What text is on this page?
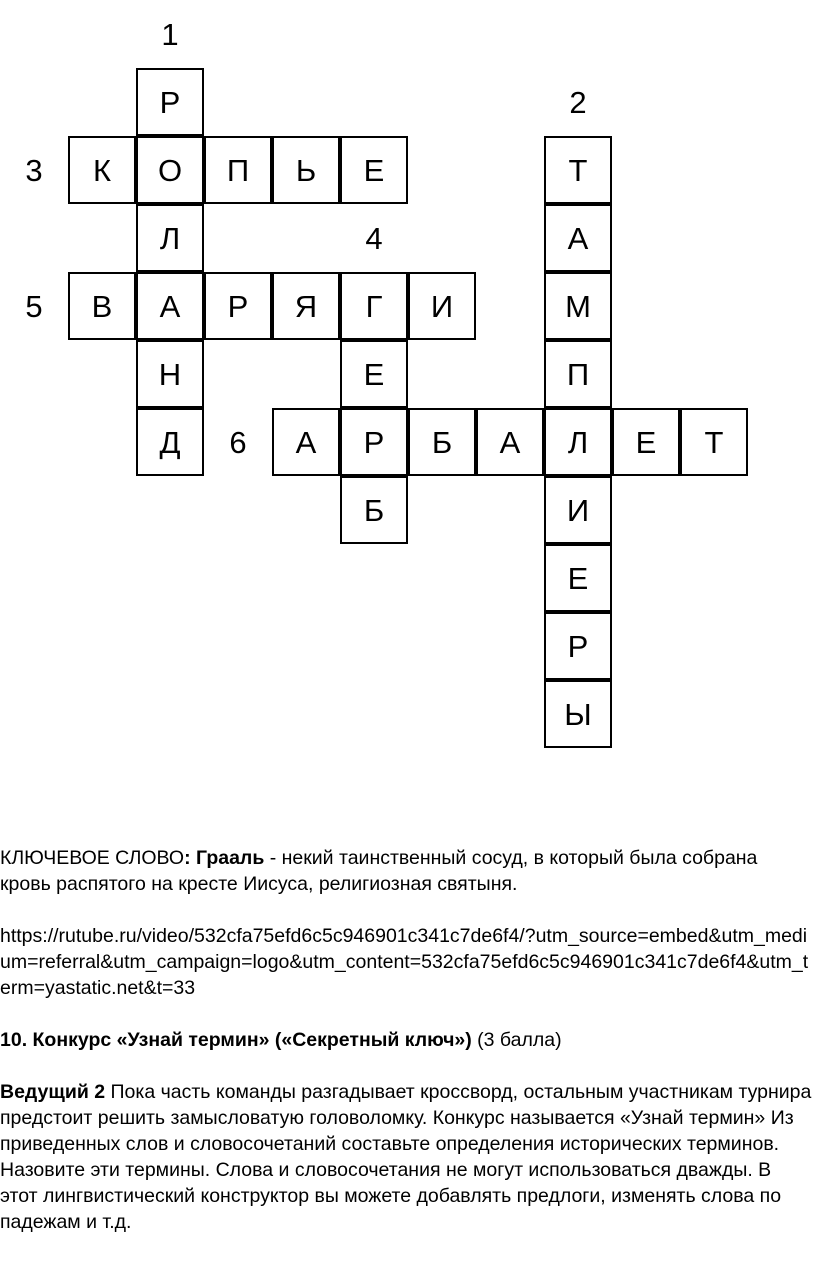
Р
О
Л
А
Н
Д
Т
А
М
П
Л
И
Е
Р
Ы
К	П	Ь	Е
Г
Е
Р
Б
В	Р	Я	И
А	Б	А	Е	Т
1
2
3
4
5
6

КЛЮЧЕВОЕ СЛОВО: Грааль - некий таинственный сосуд, в который была собрана кровь распятого на кресте Иисуса, религиозная святыня.

https://rutube.ru/video/532cfa75efd6c5c946901c341c7de6f4/?utm_source=embed&utm_medium=referral&utm_campaign=logo&utm_content=532cfa75efd6c5c946901c341c7de6f4&utm_term=yastatic.net&t=33

10. Конкурс «Узнай термин» («Секретный ключ») (3 балла)

Ведущий 2 Пока часть команды разгадывает кроссворд, остальным участникам турнира предстоит решить замысловатую головоломку. Конкурс называется «Узнай термин» Из приведенных слов и словосочетаний составьте определения исторических терминов. Назовите эти термины. Слова и словосочетания не могут использоваться дважды. В этот лингвистический конструктор вы можете добавлять предлоги, изменять слова по падежам и т.д.
